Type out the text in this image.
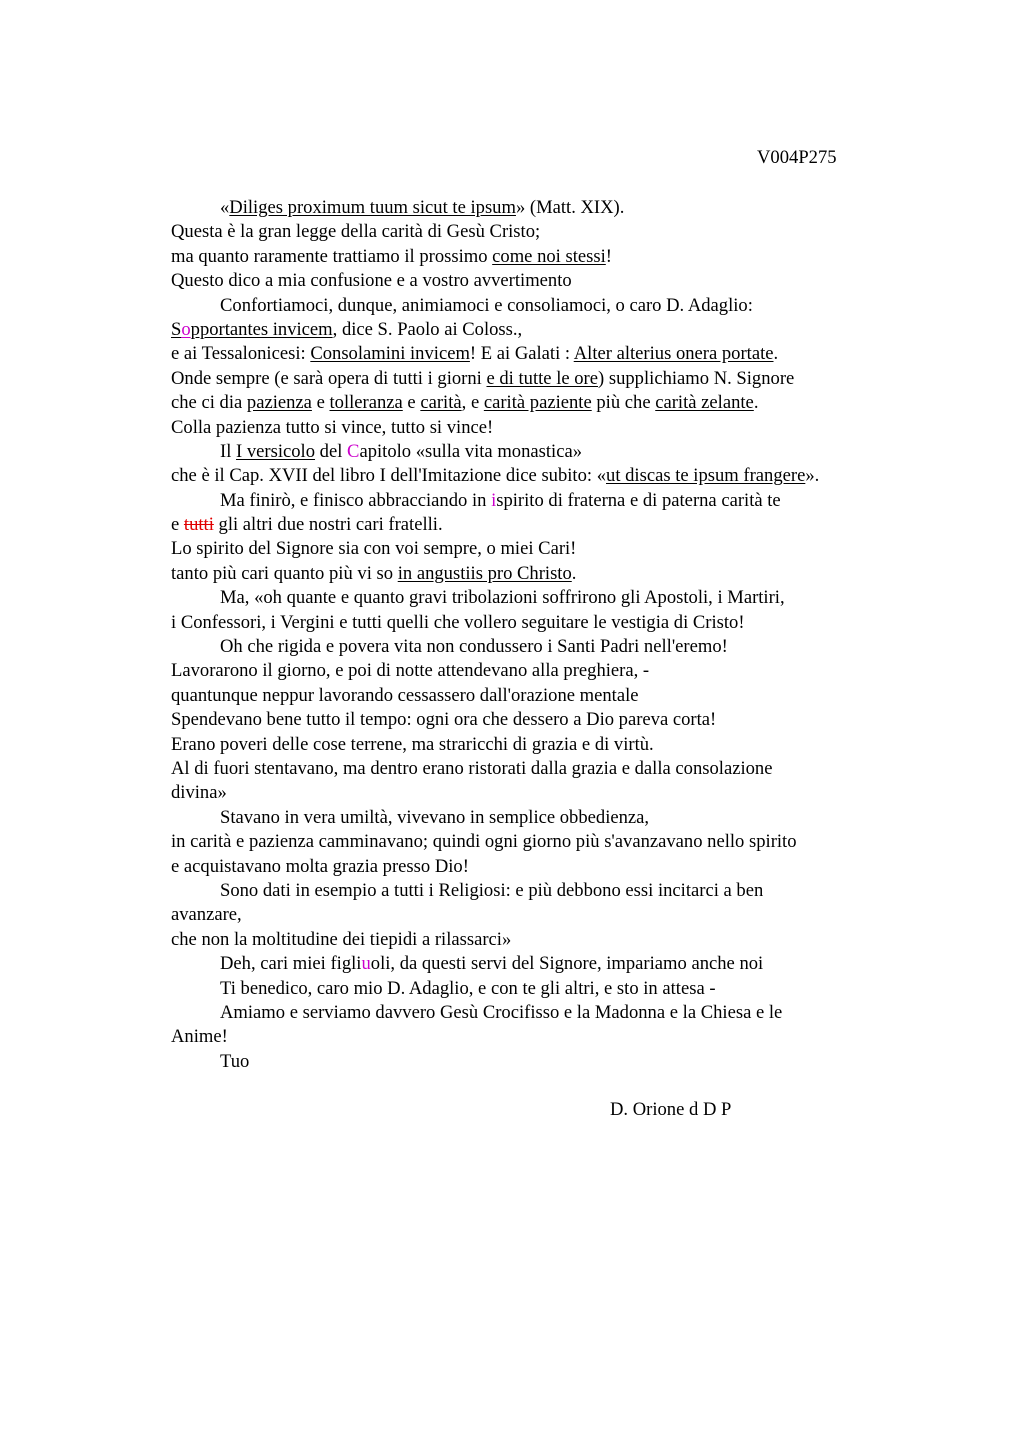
V004P275
«Diliges proximum tuum sicut te ipsum» (Matt. XIX).
Questa è la gran legge della carità di Gesù Cristo;
ma quanto raramente trattiamo il prossimo come noi stessi!
Questo dico a mia confusione e a vostro avvertimento
Confortiamoci, dunque, animiamoci e consoliamoci, o caro D. Adaglio:
Sopportantes invicem, dice S. Paolo ai Coloss.,
e ai Tessalonicesi: Consolamini invicem! E ai Galati : Alter alterius onera portate.
Onde sempre (e sarà opera di tutti i giorni e di tutte le ore) supplichiamo N. Signore
che ci dia pazienza e tolleranza e carità, e carità paziente più che carità zelante.
Colla pazienza tutto si vince, tutto si vince!
Il I versicolo del Capitolo «sulla vita monastica»
che è il Cap. XVII del libro I dell'Imitazione dice subito: «ut discas te ipsum frangere».
Ma finirò, e finisco abbracciando in ispirito di fraterna e di paterna carità te
e tutti gli altri due nostri cari fratelli.
Lo spirito del Signore sia con voi sempre, o miei Cari!
tanto più cari quanto più vi so in angustiis pro Christo.
Ma, «oh quante e quanto gravi tribolazioni soffrirono gli Apostoli, i Martiri,
i Confessori, i Vergini e tutti quelli che vollero seguitare le vestigia di Cristo!
Oh che rigida e povera vita non condussero i Santi Padri nell'eremo!
Lavorarono il giorno, e poi di notte attendevano alla preghiera, -
quantunque neppur lavorando cessassero dall'orazione mentale
Spendevano bene tutto il tempo: ogni ora che dessero a Dio pareva corta!
Erano poveri delle cose terrene, ma straricchi di grazia e di virtù.
Al di fuori stentavano, ma dentro erano ristorati dalla grazia e dalla consolazione
divina»
Stavano in vera umiltà, vivevano in semplice obbedienza,
in carità e pazienza camminavano; quindi ogni giorno più s'avanzavano nello spirito
e acquistavano molta grazia presso Dio!
Sono dati in esempio a tutti i Religiosi: e più debbono essi incitarci a ben
avanzare,
che non la moltitudine dei tiepidi a rilassarci»
Deh, cari miei figliuoli, da questi servi del Signore, impariamo anche noi
Ti benedico, caro mio D. Adaglio, e con te gli altri, e sto in attesa -
Amiamo e serviamo davvero Gesù Crocifisso e la Madonna e la Chiesa e le
Anime!
Tuo
D. Orione d D P
